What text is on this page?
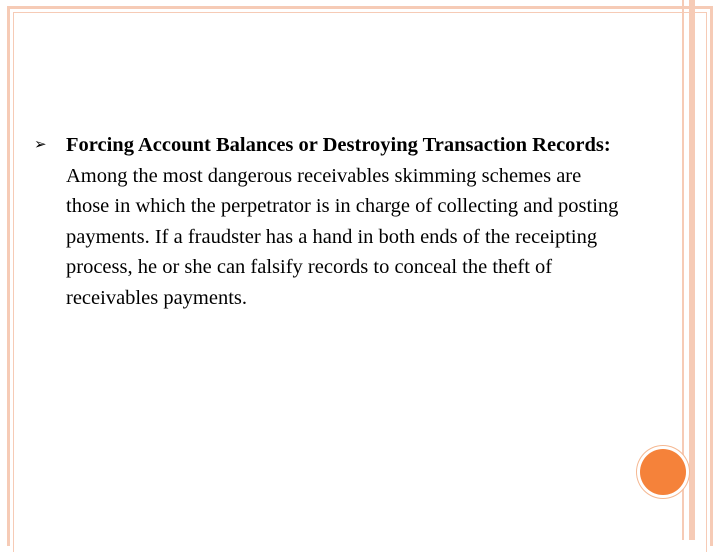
➢ Forcing Account Balances or Destroying Transaction Records: Among the most dangerous receivables skimming schemes are those in which the perpetrator is in charge of collecting and posting payments. If a fraudster has a hand in both ends of the receipting process, he or she can falsify records to conceal the theft of receivables payments.
